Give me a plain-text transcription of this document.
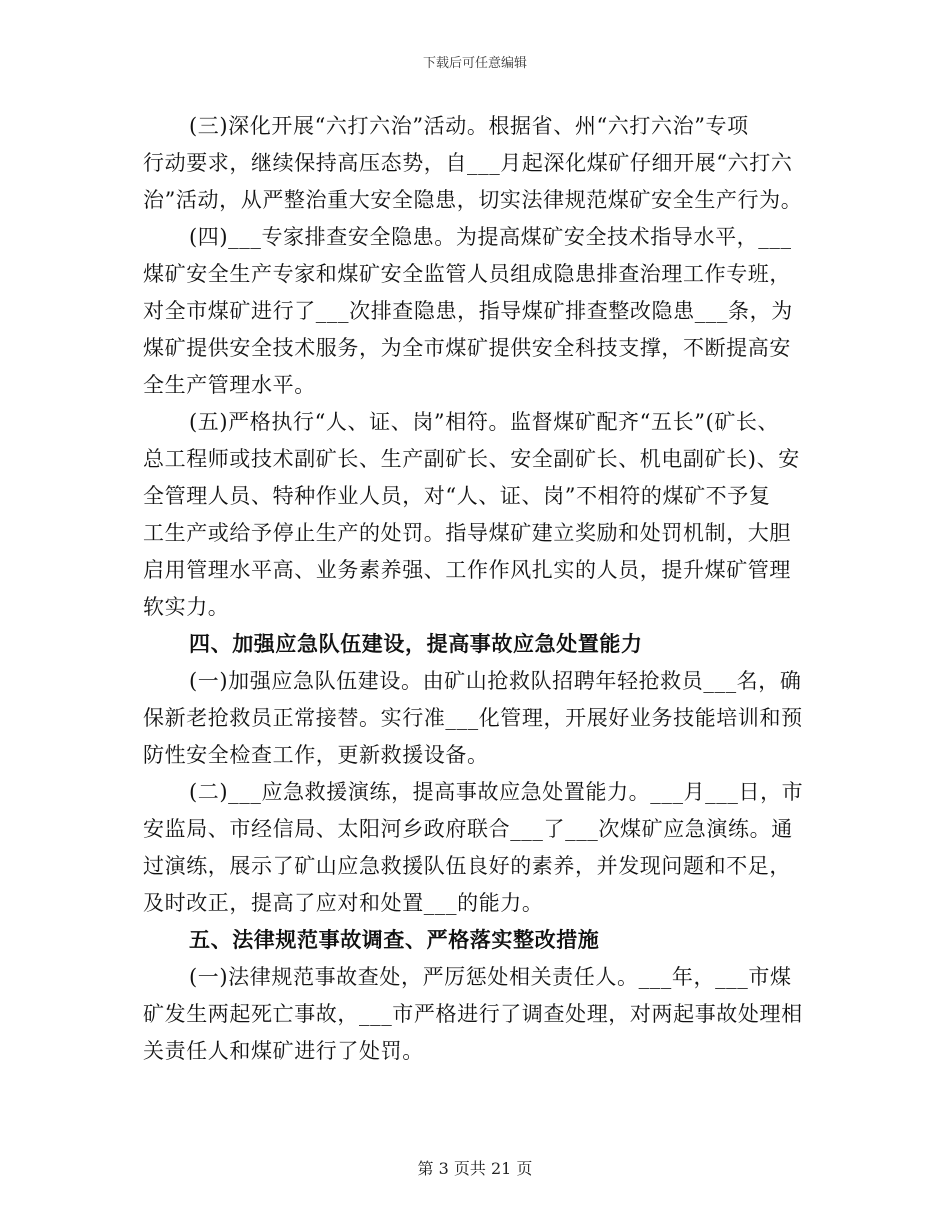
下载后可任意编辑
(三)深化开展“六打六治”活动。根据省、州“六打六治”专项
行动要求，继续保持高压态势，自___月起深化煤矿仔细开展“六打六
治”活动，从严整治重大安全隐患，切实法律规范煤矿安全生产行为。
(四)___专家排查安全隐患。为提高煤矿安全技术指导水平，___
煤矿安全生产专家和煤矿安全监管人员组成隐患排查治理工作专班，
对全市煤矿进行了___次排查隐患，指导煤矿排查整改隐患___条，为
煤矿提供安全技术服务，为全市煤矿提供安全科技支撑，不断提高安
全生产管理水平。
(五)严格执行“人、证、岗”相符。监督煤矿配齐“五长”(矿长、
总工程师或技术副矿长、生产副矿长、安全副矿长、机电副矿长)、安
全管理人员、特种作业人员，对“人、证、岗”不相符的煤矿不予复
工生产或给予停止生产的处罚。指导煤矿建立奖励和处罚机制，大胆
启用管理水平高、业务素养强、工作作风扎实的人员，提升煤矿管理
软实力。
四、加强应急队伍建设，提高事故应急处置能力
(一)加强应急队伍建设。由矿山抢救队招聘年轻抢救员___名，确
保新老抢救员正常接替。实行准___化管理，开展好业务技能培训和预
防性安全检查工作，更新救援设备。
(二)___应急救援演练，提高事故应急处置能力。___月___日，市
安监局、市经信局、太阳河乡政府联合___了___次煤矿应急演练。通
过演练，展示了矿山应急救援队伍良好的素养，并发现问题和不足，
及时改正，提高了应对和处置___的能力。
五、法律规范事故调查、严格落实整改措施
(一)法律规范事故查处，严厉惩处相关责任人。___年，___市煤
矿发生两起死亡事故，___市严格进行了调查处理，对两起事故处理相
关责任人和煤矿进行了处罚。
第 3 页共 21 页
